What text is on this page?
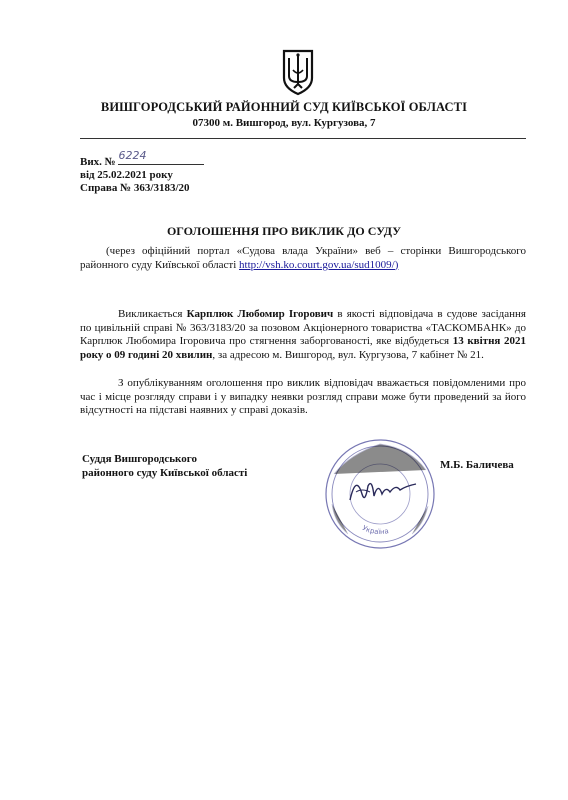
ВИШГОРОДСЬКИЙ РАЙОННИЙ СУД КИЇВСЬКОЇ ОБЛАСТІ
07300 м. Вишгород, вул. Кургузова, 7
Вих. № 6224
від 25.02.2021 року
Справа № 363/3183/20
ОГОЛОШЕННЯ ПРО ВИКЛИК ДО СУДУ
(через офіційний портал «Судова влада України» веб – сторінки Вишгородського районного суду Київської області http://vsh.ko.court.gov.ua/sud1009/)
Викликається Карплюк Любомир Ігорович в якості відповідача в судове засідання по цивільній справі № 363/3183/20 за позовом Акціонерного товариства «ТАСКОМБАНК» до Карплюк Любомира Ігоровича про стягнення заборгованості, яке відбудеться 13 квітня 2021 року о 09 годині 20 хвилин, за адресою м. Вишгород, вул. Кургузова, 7 кабінет № 21.
З опублікуванням оголошення про виклик відповідач вважається повідомленими про час і місце розгляду справи і у випадку неявки розгляд справи може бути проведений за його відсутності на підставі наявних у справі доказів.
Суддя Вишгородського
районного суду Київської області
Україна
М.Б. Баличева
